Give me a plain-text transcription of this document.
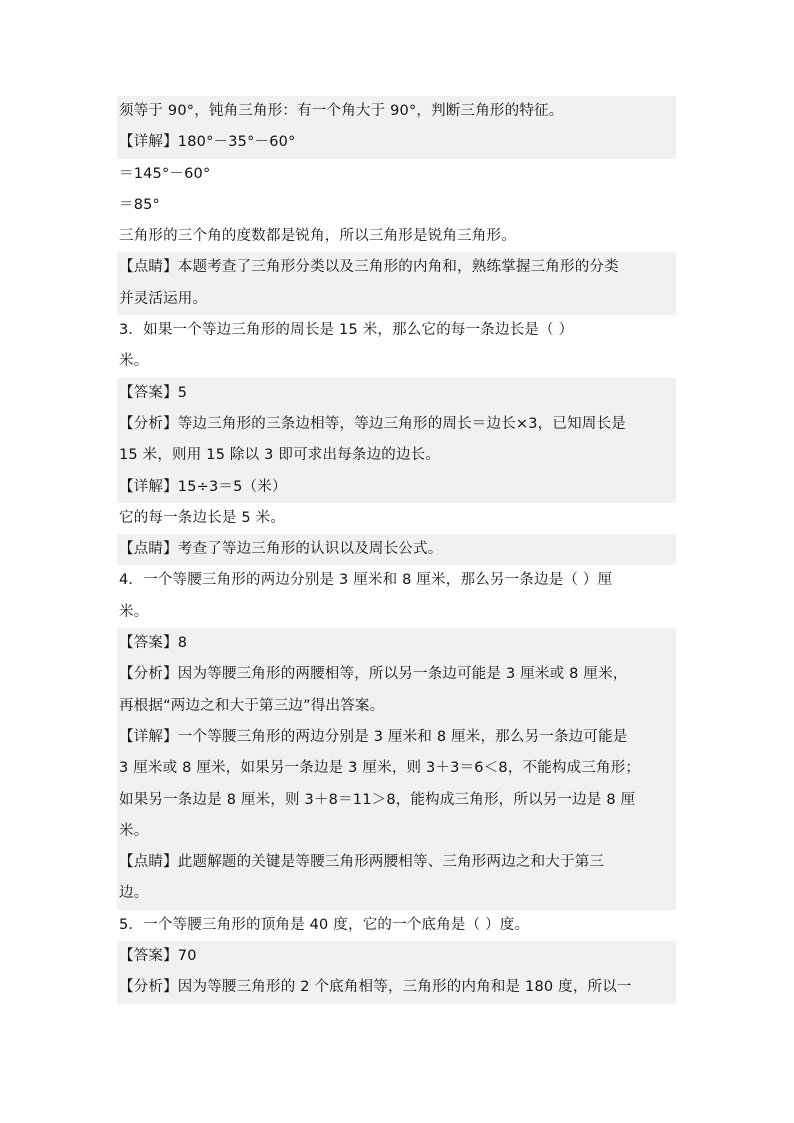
须等于 90°，钝角三角形：有一个角大于 90°，判断三角形的特征。
【详解】180°－35°－60°
＝145°－60°
＝85°
三角形的三个角的度数都是锐角，所以三角形是锐角三角形。
【点睛】本题考查了三角形分类以及三角形的内角和，熟练掌握三角形的分类
并灵活运用。
3．如果一个等边三角形的周长是 15 米，那么它的每一条边长是（ ）
米。
【答案】5
【分析】等边三角形的三条边相等，等边三角形的周长＝边长×3，已知周长是
15 米，则用 15 除以 3 即可求出每条边的边长。
【详解】15÷3＝5（米）
它的每一条边长是 5 米。
【点睛】考查了等边三角形的认识以及周长公式。
4．一个等腰三角形的两边分别是 3 厘米和 8 厘米，那么另一条边是（ ）厘
米。
【答案】8
【分析】因为等腰三角形的两腰相等，所以另一条边可能是 3 厘米或 8 厘米，
再根据“两边之和大于第三边”得出答案。
【详解】一个等腰三角形的两边分别是 3 厘米和 8 厘米，那么另一条边可能是
3 厘米或 8 厘米，如果另一条边是 3 厘米，则 3＋3＝6＜8，不能构成三角形；
如果另一条边是 8 厘米，则 3＋8＝11＞8，能构成三角形，所以另一边是 8 厘
米。
【点睛】此题解题的关键是等腰三角形两腰相等、三角形两边之和大于第三
边。
5．一个等腰三角形的顶角是 40 度，它的一个底角是（ ）度。
【答案】70
【分析】因为等腰三角形的 2 个底角相等，三角形的内角和是 180 度，所以一
